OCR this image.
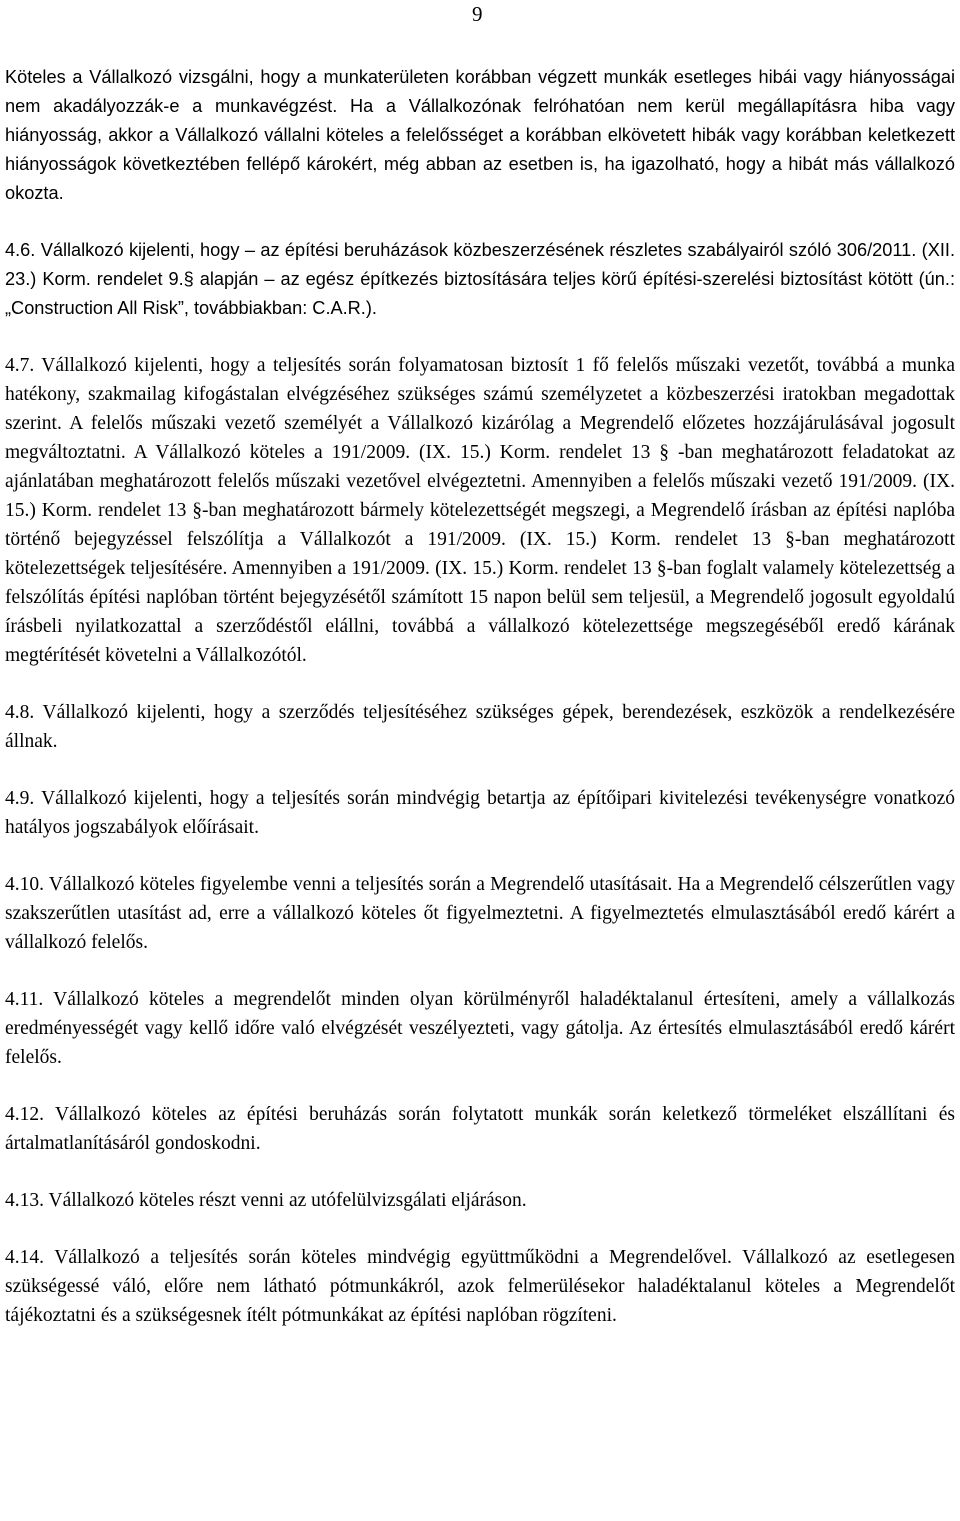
9

Köteles a Vállalkozó vizsgálni, hogy a munkaterületen korábban végzett munkák esetleges hibái vagy hiányosságai nem akadályozzák-e a munkavégzést. Ha a Vállalkozónak felróhatóan nem kerül megállapításra hiba vagy hiányosság, akkor a Vállalkozó vállalni köteles a felelősséget a korábban elkövetett hibák vagy korábban keletkezett hiányosságok következtében fellépő károkért, még abban az esetben is, ha igazolható, hogy a hibát más vállalkozó okozta.

4.6. Vállalkozó kijelenti, hogy – az építési beruházások közbeszerzésének részletes szabályairól szóló 306/2011. (XII. 23.) Korm. rendelet 9.§ alapján – az egész építkezés biztosítására teljes körű építési-szerelési biztosítást kötött (ún.: „Construction All Risk”, továbbiakban: C.A.R.).

4.7. Vállalkozó kijelenti, hogy a teljesítés során folyamatosan biztosít 1 fő felelős műszaki vezetőt, továbbá a munka hatékony, szakmailag kifogástalan elvégzéséhez szükséges számú személyzetet a közbeszerzési iratokban megadottak szerint. A felelős műszaki vezető személyét a Vállalkozó kizárólag a Megrendelő előzetes hozzájárulásával jogosult megváltoztatni. A Vállalkozó köteles a 191/2009. (IX. 15.) Korm. rendelet 13 § -ban meghatározott feladatokat az ajánlatában meghatározott felelős műszaki vezetővel elvégeztetni. Amennyiben a felelős műszaki vezető 191/2009. (IX. 15.) Korm. rendelet 13 §-ban meghatározott bármely kötelezettségét megszegi, a Megrendelő írásban az építési naplóba történő bejegyzéssel felszólítja a Vállalkozót a 191/2009. (IX. 15.) Korm. rendelet 13 §-ban meghatározott kötelezettségek teljesítésére. Amennyiben a 191/2009. (IX. 15.) Korm. rendelet 13 §-ban foglalt valamely kötelezettség a felszólítás építési naplóban történt bejegyzésétől számított 15 napon belül sem teljesül, a Megrendelő jogosult egyoldalú írásbeli nyilatkozattal a szerződéstől elállni, továbbá a vállalkozó kötelezettsége megszegéséből eredő kárának megtérítését követelni a Vállalkozótól.

4.8. Vállalkozó kijelenti, hogy a szerződés teljesítéséhez szükséges gépek, berendezések, eszközök a rendelkezésére állnak.

4.9. Vállalkozó kijelenti, hogy a teljesítés során mindvégig betartja az építőipari kivitelezési tevékenységre vonatkozó hatályos jogszabályok előírásait.

4.10. Vállalkozó köteles figyelembe venni a teljesítés során a Megrendelő utasításait. Ha a Megrendelő célszerűtlen vagy szakszerűtlen utasítást ad, erre a vállalkozó köteles őt figyelmeztetni. A figyelmeztetés elmulasztásából eredő kárért a vállalkozó felelős.

4.11. Vállalkozó köteles a megrendelőt minden olyan körülményről haladéktalanul értesíteni, amely a vállalkozás eredményességét vagy kellő időre való elvégzését veszélyezteti, vagy gátolja. Az értesítés elmulasztásából eredő kárért felelős.

4.12. Vállalkozó köteles az építési beruházás során folytatott munkák során keletkező törmeléket elszállítani és ártalmatlanításáról gondoskodni.

4.13. Vállalkozó köteles részt venni az utófelülvizsgálati eljáráson.

4.14. Vállalkozó a teljesítés során köteles mindvégig együttműködni a Megrendelővel. Vállalkozó az esetlegesen szükségessé váló, előre nem látható pótmunkákról, azok felmerülésekor haladéktalanul köteles a Megrendelőt tájékoztatni és a szükségesnek ítélt pótmunkákat az építési naplóban rögzíteni.
